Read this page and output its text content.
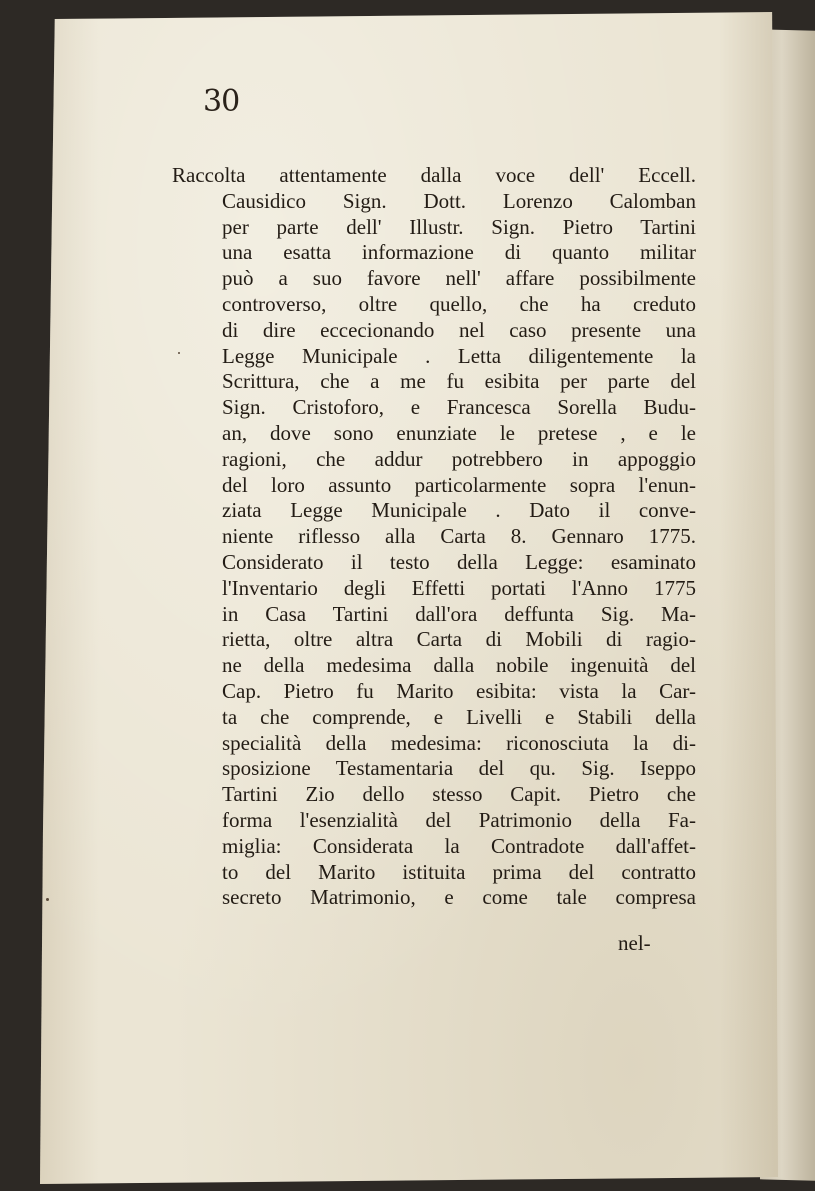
30
Raccolta attentamente dalla voce dell' Eccell.
Causidico Sign. Dott. Lorenzo Calomban
per parte dell' Illustr. Sign. Pietro Tartini
una esatta informazione di quanto militar
può a suo favore nell' affare possibilmente
controverso, oltre quello, che ha creduto
di dire eccecionando nel caso presente una
Legge Municipale . Letta diligentemente la
Scrittura, che a me fu esibita per parte del
Sign. Cristoforo, e Francesca Sorella Budu-
an, dove sono enunziate le pretese , e le
ragioni, che addur potrebbero in appoggio
del loro assunto particolarmente sopra l'enun-
ziata Legge Municipale . Dato il conve-
niente riflesso alla Carta 8. Gennaro 1775.
Considerato il testo della Legge: esaminato
l'Inventario degli Effetti portati l'Anno 1775
in Casa Tartini dall'ora deffunta Sig. Ma-
rietta, oltre altra Carta di Mobili di ragio-
ne della medesima dalla nobile ingenuità del
Cap. Pietro fu Marito esibita: vista la Car-
ta che comprende, e Livelli e Stabili della
specialità della medesima: riconosciuta la di-
sposizione Testamentaria del qu. Sig. Iseppo
Tartini Zio dello stesso Capit. Pietro che
forma l'esenzialità del Patrimonio della Fa-
miglia: Considerata la Contradote dall'affet-
to del Marito istituita prima del contratto
secreto Matrimonio, e come tale compresa
nel-
